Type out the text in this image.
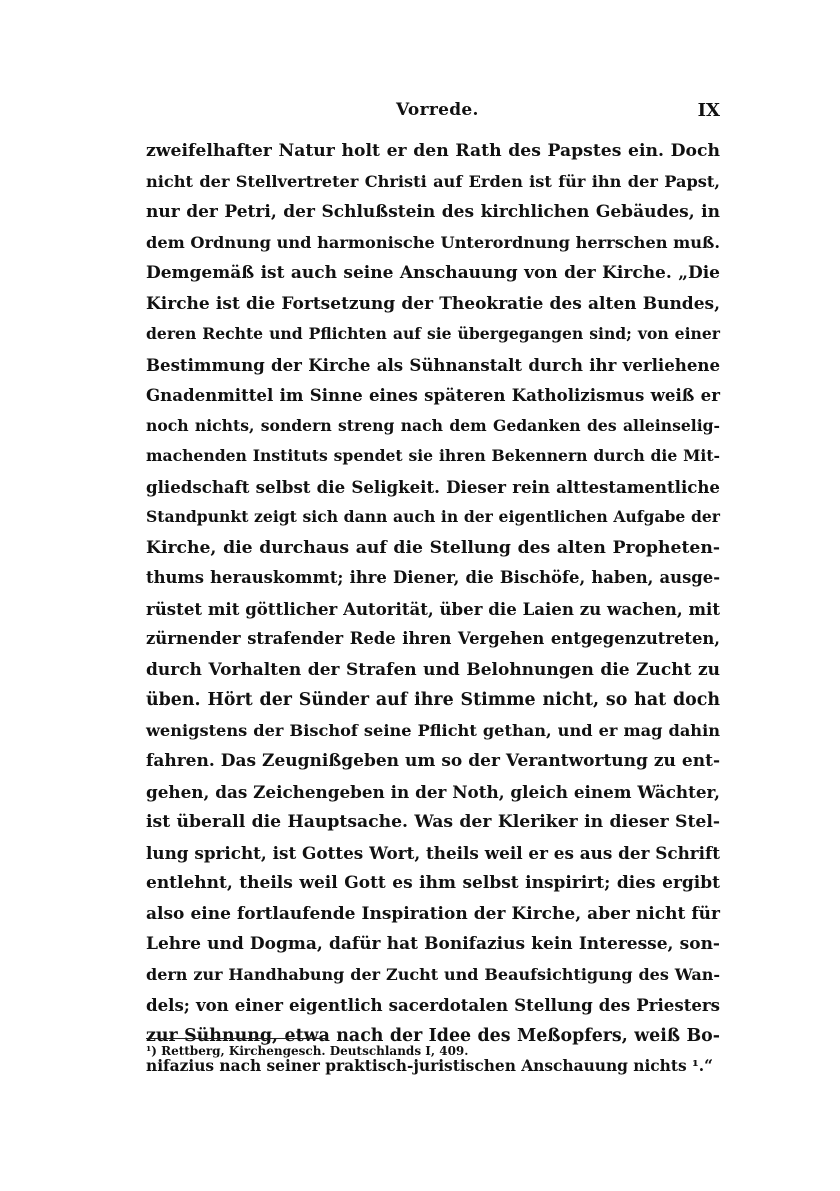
Vorrede.	IX
zweifelhafter Natur holt er den Rath des Papstes ein. Doch
nicht der Stellvertreter Christi auf Erden ist für ihn der Papst,
nur der Petri, der Schlußstein des kirchlichen Gebäudes, in
dem Ordnung und harmonische Unterordnung herrschen muß.
Demgemäß ist auch seine Anschauung von der Kirche. „Die
Kirche ist die Fortsetzung der Theokratie des alten Bundes,
deren Rechte und Pflichten auf sie übergegangen sind; von einer
Bestimmung der Kirche als Sühnanstalt durch ihr verliehene
Gnadenmittel im Sinne eines späteren Katholizismus weiß er
noch nichts, sondern streng nach dem Gedanken des alleinselig-
machenden Instituts spendet sie ihren Bekennern durch die Mit-
gliedschaft selbst die Seligkeit. Dieser rein alttestamentliche
Standpunkt zeigt sich dann auch in der eigentlichen Aufgabe der
Kirche, die durchaus auf die Stellung des alten Propheten-
thums herauskommt; ihre Diener, die Bischöfe, haben, ausge-
rüstet mit göttlicher Autorität, über die Laien zu wachen, mit
zürnender strafender Rede ihren Vergehen entgegenzutreten,
durch Vorhalten der Strafen und Belohnungen die Zucht zu
üben. Hört der Sünder auf ihre Stimme nicht, so hat doch
wenigstens der Bischof seine Pflicht gethan, und er mag dahin
fahren. Das Zeugnißgeben um so der Verantwortung zu ent-
gehen, das Zeichengeben in der Noth, gleich einem Wächter,
ist überall die Hauptsache. Was der Kleriker in dieser Stel-
lung spricht, ist Gottes Wort, theils weil er es aus der Schrift
entlehnt, theils weil Gott es ihm selbst inspirirt; dies ergibt
also eine fortlaufende Inspiration der Kirche, aber nicht für
Lehre und Dogma, dafür hat Bonifazius kein Interesse, son-
dern zur Handhabung der Zucht und Beaufsichtigung des Wan-
dels; von einer eigentlich sacerdotalen Stellung des Priesters
zur Sühnung, etwa nach der Idee des Meßopfers, weiß Bo-
nifazius nach seiner praktisch-juristischen Anschauung nichts ¹.“
¹) Rettberg, Kirchengesch. Deutschlands I, 409.
